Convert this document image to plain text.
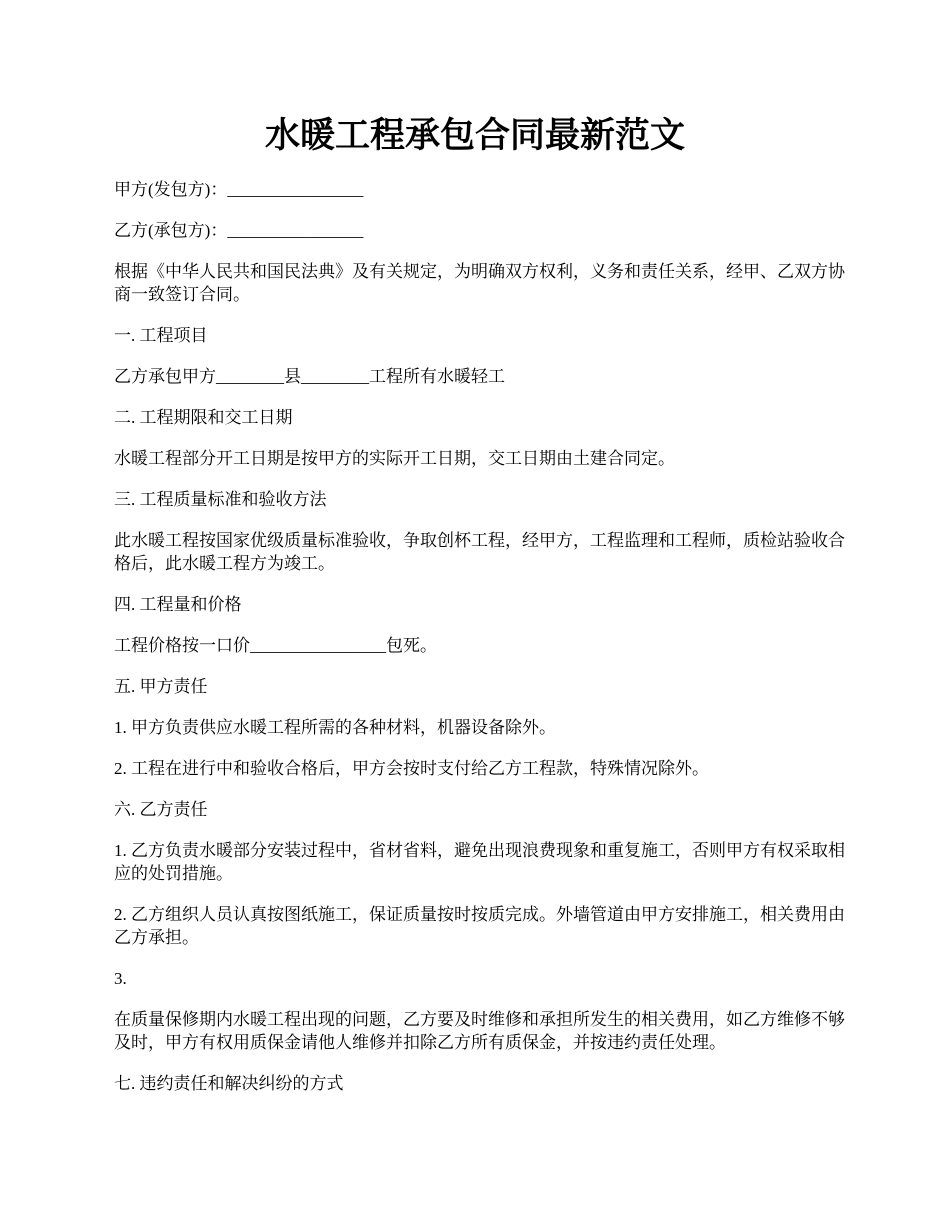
水暖工程承包合同最新范文

甲方(发包方)：________________

乙方(承包方)：________________

根据《中华人民共和国民法典》及有关规定，为明确双方权利，义务和责任关系，经甲、乙双方协商一致签订合同。

一. 工程项目

乙方承包甲方________县________工程所有水暖轻工

二. 工程期限和交工日期

水暖工程部分开工日期是按甲方的实际开工日期，交工日期由土建合同定。

三. 工程质量标准和验收方法

此水暖工程按国家优级质量标准验收，争取创杯工程，经甲方，工程监理和工程师，质检站验收合格后，此水暖工程方为竣工。

四. 工程量和价格

工程价格按一口价________________包死。

五. 甲方责任

1. 甲方负责供应水暖工程所需的各种材料，机器设备除外。

2. 工程在进行中和验收合格后，甲方会按时支付给乙方工程款，特殊情况除外。

六. 乙方责任

1. 乙方负责水暖部分安装过程中，省材省料，避免出现浪费现象和重复施工，否则甲方有权采取相应的处罚措施。

2. 乙方组织人员认真按图纸施工，保证质量按时按质完成。外墙管道由甲方安排施工，相关费用由乙方承担。

3.

在质量保修期内水暖工程出现的问题，乙方要及时维修和承担所发生的相关费用，如乙方维修不够及时，甲方有权用质保金请他人维修并扣除乙方所有质保金，并按违约责任处理。

七. 违约责任和解决纠纷的方式
